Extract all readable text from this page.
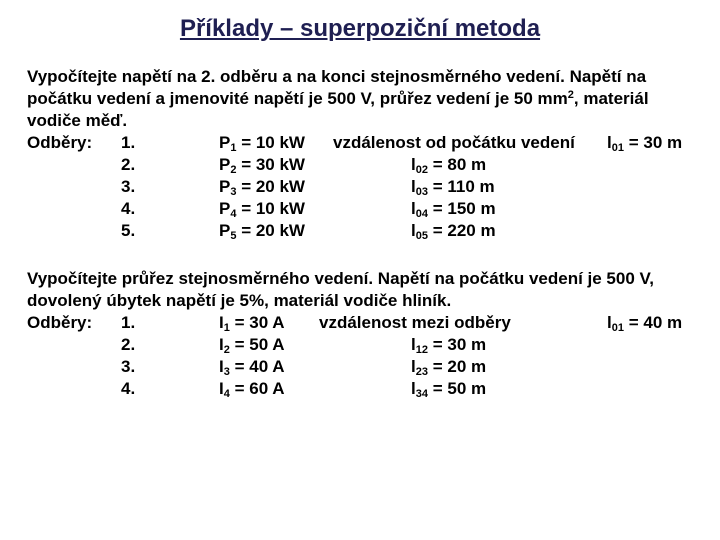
Příklady – superpoziční metoda

Vypočítejte napětí na 2. odběru a na konci stejnosměrného vedení. Napětí na

počátku vedení a jmenovité napětí je 500 V, průřez vedení je 50 $mm^2$, materiál

vodiče měď.

Odběry: 1.	$P_1 = 10$ kW vzdálenost od počátku vedení $l_{01} = 30$ m
2.	$P_2 = 30$ kW	$l_{02} = 80$ m
3.	$P_3 = 20$ kW	$l_{03} = 110$ m
4.	$P_4 = 10$ kW	$l_{04} = 150$ m
5.	$P_5 = 20$ kW	$l_{05} = 220$ m

Vypočítejte průřez stejnosměrného vedení. Napětí na počátku vedení je 500 V,

dovolený úbytek napětí je 5%, materiál vodiče hliník.

Odběry: 1.	$I_1 = 30$ A vzdálenost mezi odběry	$l_{01} = 40$ m
2.	$I_2 = 50$ A	$l_{12} = 30$ m
3.	$I_3 = 40$ A	$l_{23} = 20$ m
4.	$I_4 = 60$ A	$l_{34} = 50$ m
